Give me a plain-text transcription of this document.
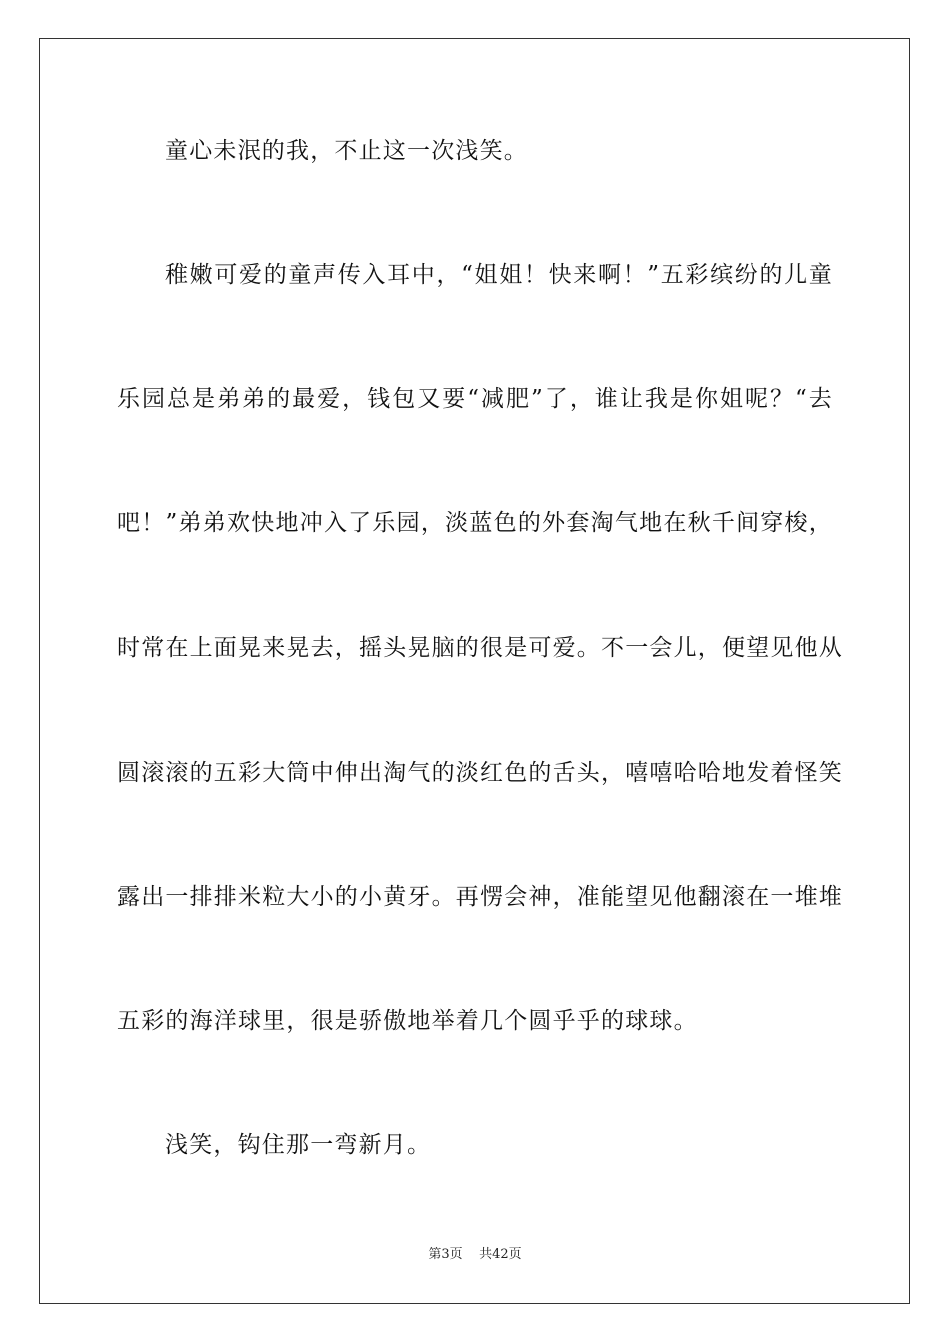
童心未泯的我，不止这一次浅笑。
稚嫩可爱的童声传入耳中，“姐姐！快来啊！”五彩缤纷的儿童
乐园总是弟弟的最爱，钱包又要“减肥”了，谁让我是你姐呢？“去
吧！”弟弟欢快地冲入了乐园，淡蓝色的外套淘气地在秋千间穿梭，
时常在上面晃来晃去，摇头晃脑的很是可爱。不一会儿，便望见他从
圆滚滚的五彩大筒中伸出淘气的淡红色的舌头，嘻嘻哈哈地发着怪笑
露出一排排米粒大小的小黄牙。再愣会神，准能望见他翻滚在一堆堆
五彩的海洋球里，很是骄傲地举着几个圆乎乎的球球。
浅笑，钩住那一弯新月。
第3页 共42页
